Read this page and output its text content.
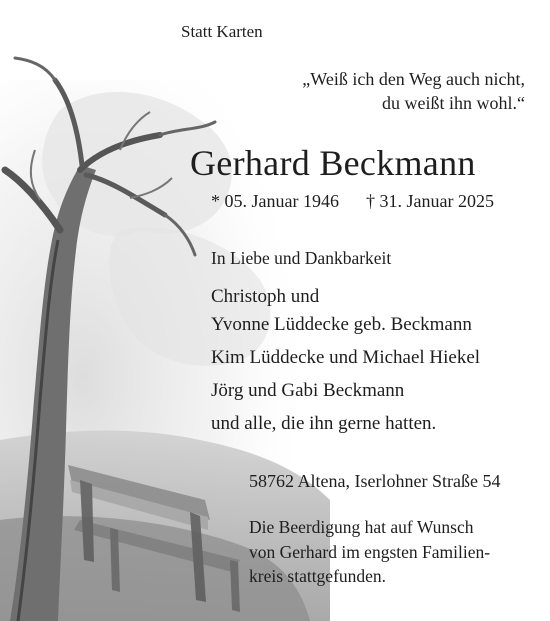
Statt Karten
„Weiß ich den Weg auch nicht,
du weißt ihn wohl.“
Gerhard Beckmann
* 05. Januar 1946 † 31. Januar 2025
In Liebe und Dankbarkeit
Christoph und
Yvonne Lüddecke geb. Beckmann
Kim Lüddecke und Michael Hiekel
Jörg und Gabi Beckmann
und alle, die ihn gerne hatten.
58762 Altena, Iserlohner Straße 54
Die Beerdigung hat auf Wunsch
von Gerhard im engsten Familien-
kreis stattgefunden.
